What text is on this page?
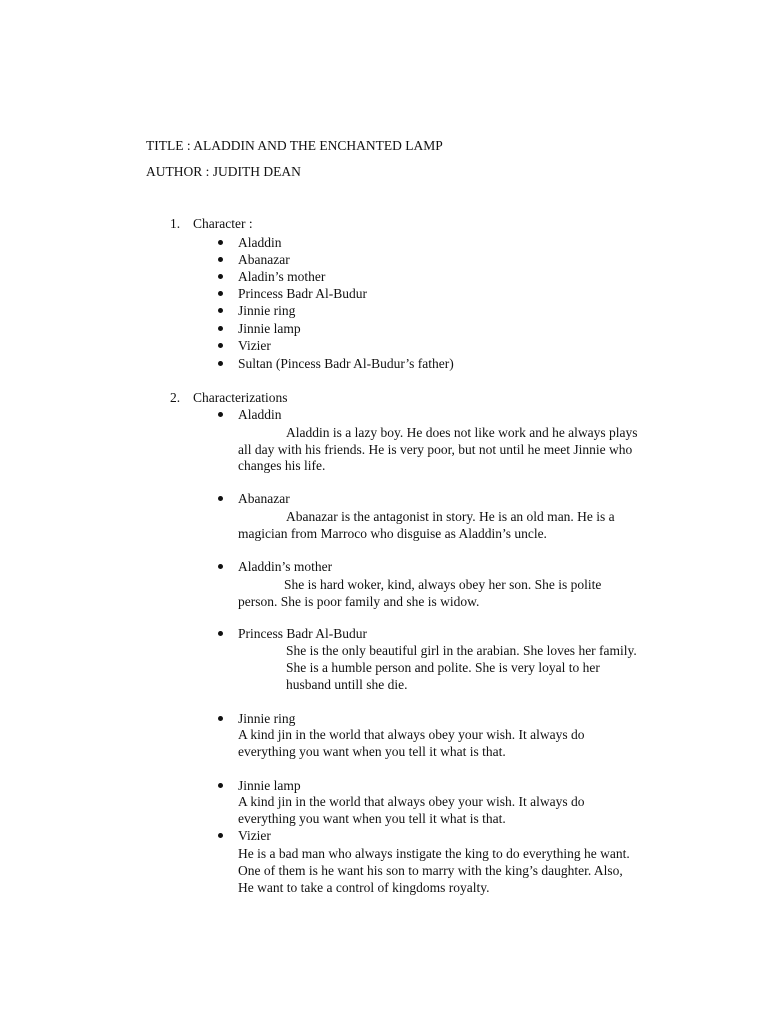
TITLE : ALADDIN AND THE ENCHANTED LAMP
AUTHOR : JUDITH DEAN
1. Character :
Aladdin
Abanazar
Aladin’s mother
Princess Badr Al-Budur
Jinnie ring
Jinnie lamp
Vizier
Sultan (Pincess Badr Al-Budur’s father)
2. Characterizations
Aladdin
Aladdin is a lazy boy. He does not like work and he always plays
all day with his friends. He is very poor, but not until he meet Jinnie who
changes his life.
Abanazar
Abanazar is the antagonist in story. He is an old man. He is a
magician from Marroco who disguise as Aladdin’s uncle.
Aladdin’s mother
She is hard woker, kind, always obey her son. She is polite
person. She is poor family and she is widow.
Princess Badr Al-Budur
She is the only beautiful girl in the arabian. She loves her family.
She is a humble person and polite. She is very loyal to her
husband untill she die.
Jinnie ring
A kind jin in the world that always obey your wish. It always do
everything you want when you tell it what is that.
Jinnie lamp
A kind jin in the world that always obey your wish. It always do
everything you want when you tell it what is that.
Vizier
He is a bad man who always instigate the king to do everything he want.
One of them is he want his son to marry with the king’s daughter. Also,
He want to take a control of kingdoms royalty.
